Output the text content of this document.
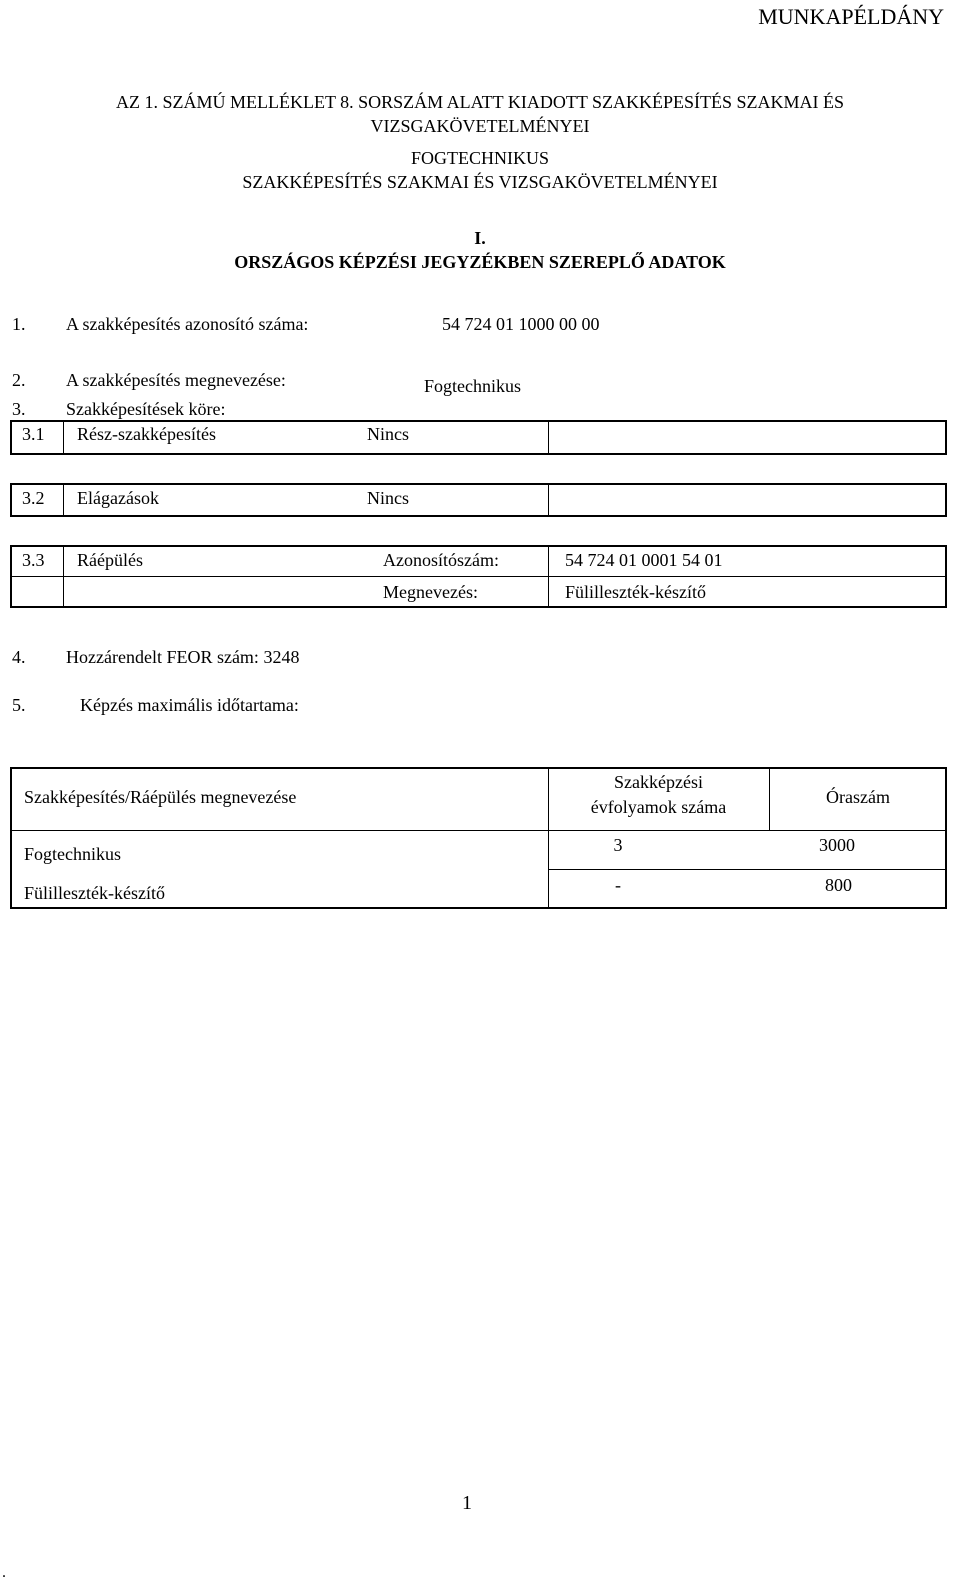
MUNKAPÉLDÁNY
AZ 1. SZÁMÚ MELLÉKLET 8. SORSZÁM ALATT KIADOTT SZAKKÉPESÍTÉS SZAKMAI ÉS
VIZSGAKÖVETELMÉNYEI
FOGTECHNIKUS
SZAKKÉPESÍTÉS SZAKMAI ÉS VIZSGAKÖVETELMÉNYEI
I.
ORSZÁGOS KÉPZÉSI JEGYZÉKBEN SZEREPLŐ ADATOK
1. A szakképesítés azonosító száma:	54 724 01 1000 00 00
2. A szakképesítés megnevezése:	Fogtechnikus
3. Szakképesítések köre:
3.1 Rész-szakképesítés	Nincs
3.2 Elágazások	Nincs
3.3 Ráépülés	Azonosítószám:	54 724 01 0001 54 01
Megnevezés:	Fülilleszték-készítő
4. Hozzárendelt FEOR szám: 3248
5.	Képzés maximális időtartama:
Szakképesítés/Ráépülés megnevezése
Szakképzési
évfolyamok száma	Óraszám
Fogtechnikus	3	3000
Fülilleszték-készítő	-	800
1
.
